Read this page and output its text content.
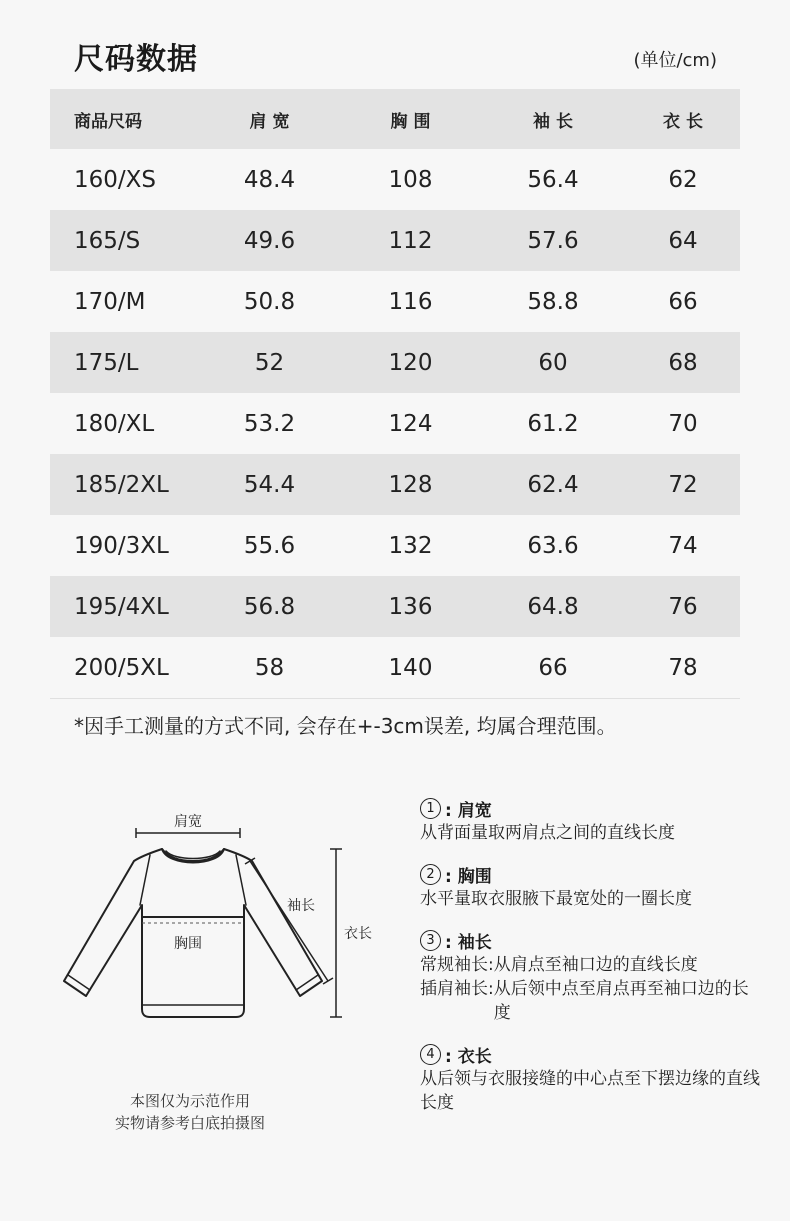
尺码数据	(单位/cm)
商品尺码	肩 宽	胸 围	袖 长	衣 长
160/XS	48.4	108	56.4	62
165/S	49.6	112	57.6	64
170/M	50.8	116	58.8	66
175/L	52	120	60	68
180/XL	53.2	124	61.2	70
185/2XL	54.4	128	62.4	72
190/3XL	55.6	132	63.6	74
195/4XL	56.8	136	64.8	76
200/5XL	58	140	66	78
*因手工测量的方式不同, 会存在+-3cm误差, 均属合理范围。
肩宽
袖长
胸围
衣长
本图仅为示范作用
实物请参考白底拍摄图
1 : 肩宽
从背面量取两肩点之间的直线长度
2 : 胸围
水平量取衣服腋下最宽处的一圈长度
3 : 袖长
常规袖长: 从肩点至袖口边的直线长度
插肩袖长: 从后领中点至肩点再至袖口边的长度
4 : 衣长
从后领与衣服接缝的中心点至下摆边缘的直线长度
